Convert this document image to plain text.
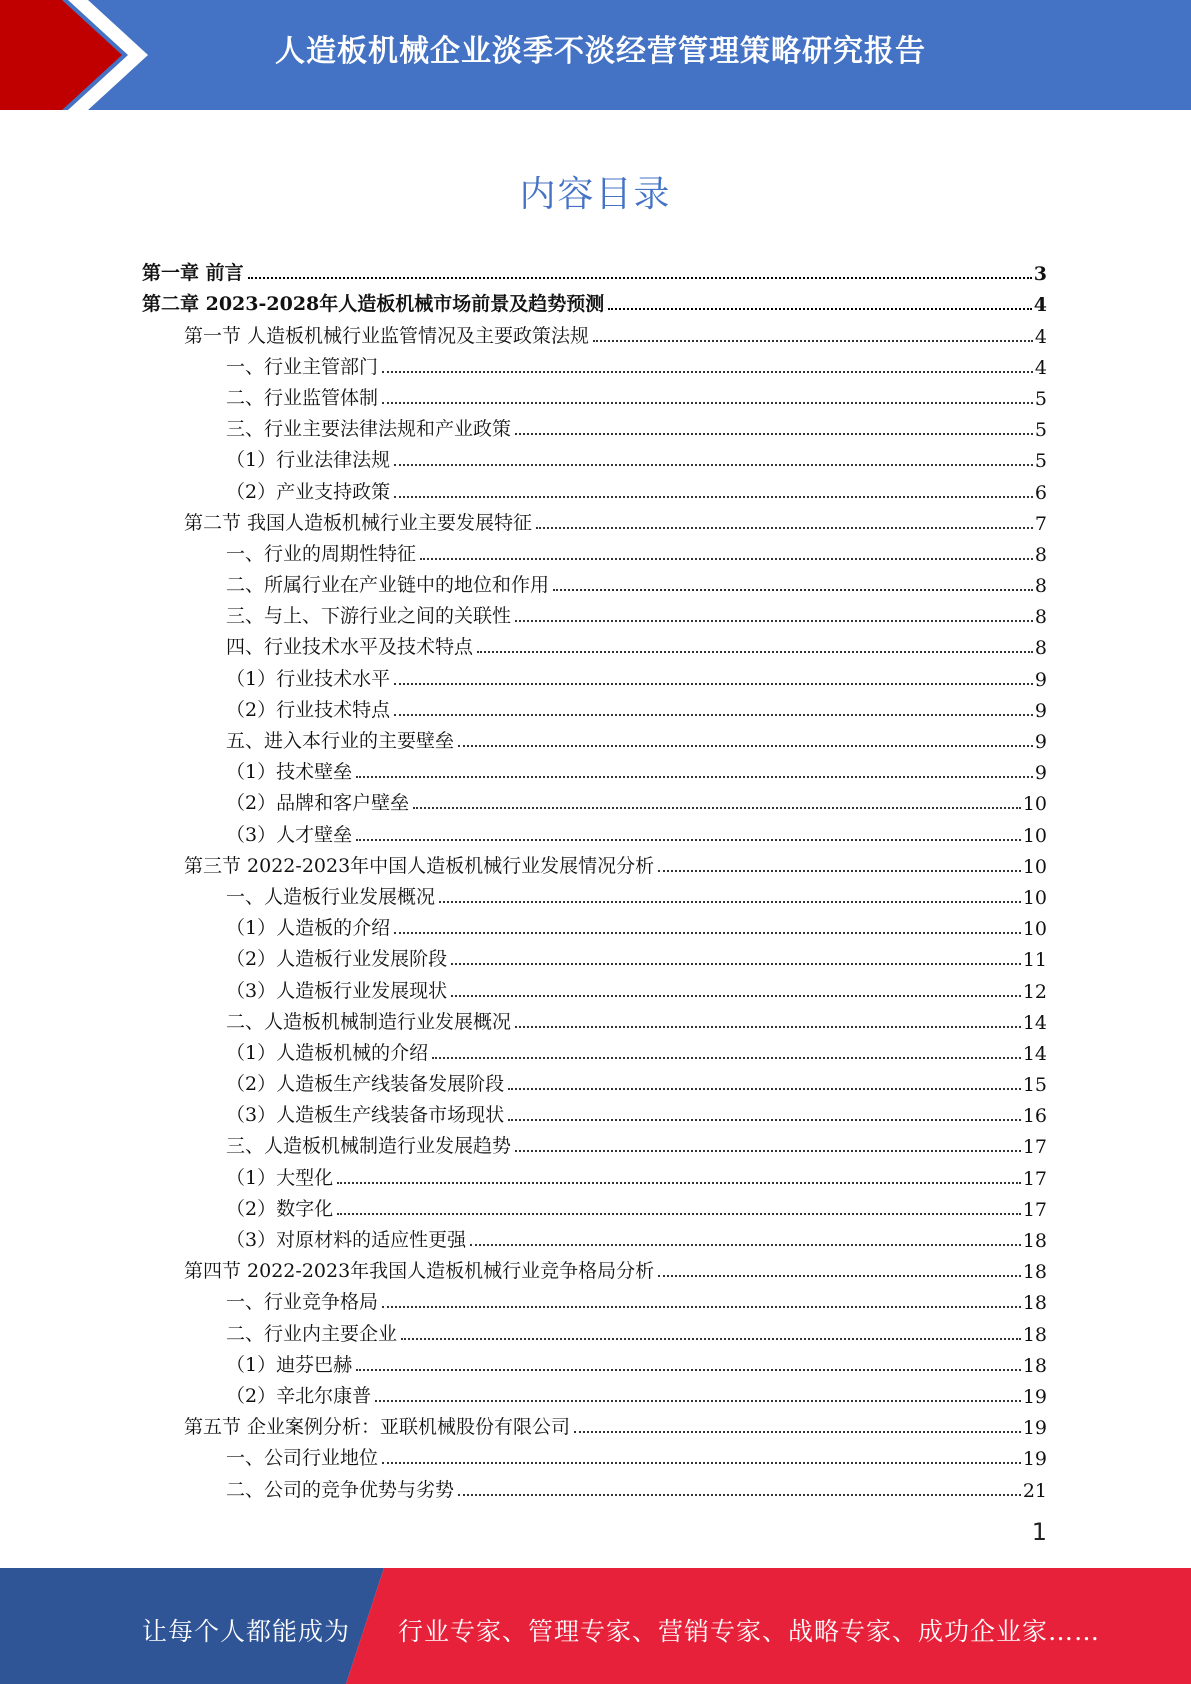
人造板机械企业淡季不淡经营管理策略研究报告
内容目录
第一章 前言	3
第二章 2023-2028年人造板机械市场前景及趋势预测	4
第一节 人造板机械行业监管情况及主要政策法规	4
一、行业主管部门	4
二、行业监管体制	5
三、行业主要法律法规和产业政策	5
（1）行业法律法规	5
（2）产业支持政策	6
第二节 我国人造板机械行业主要发展特征	7
一、行业的周期性特征	8
二、所属行业在产业链中的地位和作用	8
三、与上、下游行业之间的关联性	8
四、行业技术水平及技术特点	8
（1）行业技术水平	9
（2）行业技术特点	9
五、进入本行业的主要壁垒	9
（1）技术壁垒	9
（2）品牌和客户壁垒	10
（3）人才壁垒	10
第三节 2022-2023年中国人造板机械行业发展情况分析	10
一、人造板行业发展概况	10
（1）人造板的介绍	10
（2）人造板行业发展阶段	11
（3）人造板行业发展现状	12
二、人造板机械制造行业发展概况	14
（1）人造板机械的介绍	14
（2）人造板生产线装备发展阶段	15
（3）人造板生产线装备市场现状	16
三、人造板机械制造行业发展趋势	17
（1）大型化	17
（2）数字化	17
（3）对原材料的适应性更强	18
第四节 2022-2023年我国人造板机械行业竞争格局分析	18
一、行业竞争格局	18
二、行业内主要企业	18
（1）迪芬巴赫	18
（2）辛北尔康普	19
第五节 企业案例分析：亚联机械股份有限公司	19
一、公司行业地位	19
二、公司的竞争优势与劣势	21
1
让每个人都能成为 行业专家、管理专家、营销专家、战略专家、成功企业家……
